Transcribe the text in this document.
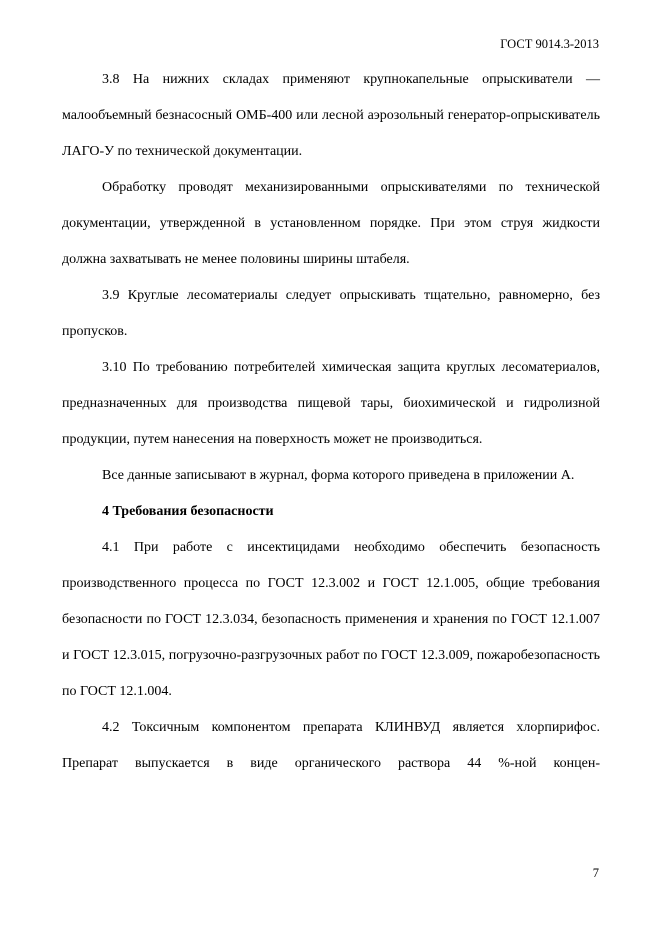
ГОСТ 9014.3-2013

3.8 На нижних складах применяют крупнокапельные опрыскиватели — малообъемный безнасосный ОМБ-400 или лесной аэрозольный генератор-опрыскиватель ЛАГО-У по технической документации.

Обработку проводят механизированными опрыскивателями по технической документации, утвержденной в установленном порядке. При этом струя жидкости должна захватывать не менее половины ширины штабеля.

3.9 Круглые лесоматериалы следует опрыскивать тщательно, равномерно, без пропусков.

3.10 По требованию потребителей химическая защита круглых лесоматериалов, предназначенных для производства пищевой тары, биохимической и гидролизной продукции, путем нанесения на поверхность может не производиться.

Все данные записывают в журнал, форма которого приведена в приложении А.

4 Требования безопасности

4.1 При работе с инсектицидами необходимо обеспечить безопасность производственного процесса по ГОСТ 12.3.002 и ГОСТ 12.1.005, общие требования безопасности по ГОСТ 12.3.034, безопасность применения и хранения по ГОСТ 12.1.007 и ГОСТ 12.3.015, погрузочно-разгрузочных работ по ГОСТ 12.3.009, пожаробезопасность по ГОСТ 12.1.004.

4.2 Токсичным компонентом препарата КЛИНВУД является хлорпирифос. Препарат выпускается в виде органического раствора 44 %-ной концен-

7
